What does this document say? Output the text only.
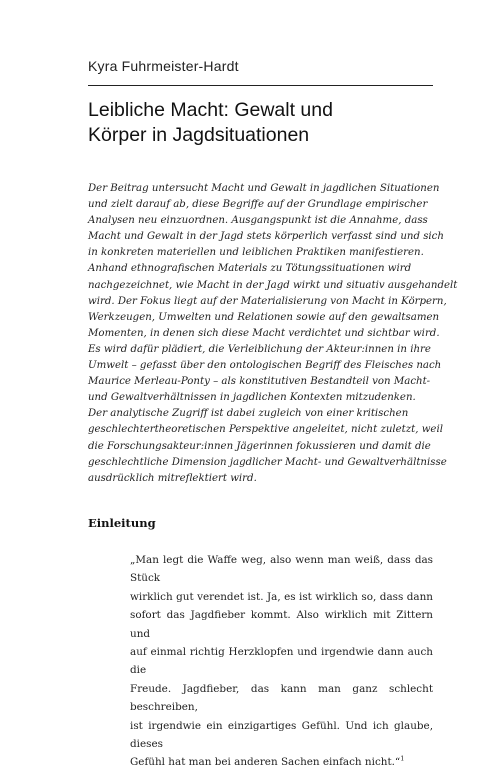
Kyra Fuhrmeister-Hardt
Leibliche Macht: Gewalt und
Körper in Jagdsituationen
Der Beitrag untersucht Macht und Gewalt in jagdlichen Situationen
und zielt darauf ab, diese Begriffe auf der Grundlage empirischer
Analysen neu einzuordnen. Ausgangspunkt ist die Annahme, dass
Macht und Gewalt in der Jagd stets körperlich verfasst sind und sich
in konkreten materiellen und leiblichen Praktiken manifestieren.
Anhand ethnografischen Materials zu Tötungssituationen wird
nachgezeichnet, wie Macht in der Jagd wirkt und situativ ausgehandelt
wird. Der Fokus liegt auf der Materialisierung von Macht in Körpern,
Werkzeugen, Umwelten und Relationen sowie auf den gewaltsamen
Momenten, in denen sich diese Macht verdichtet und sichtbar wird.
Es wird dafür plädiert, die Verleiblichung der Akteur:innen in ihre
Umwelt – gefasst über den ontologischen Begriff des Fleisches nach
Maurice Merleau-Ponty – als konstitutiven Bestandteil von Macht-
und Gewaltverhältnissen in jagdlichen Kontexten mitzudenken.
Der analytische Zugriff ist dabei zugleich von einer kritischen
geschlechtertheoretischen Perspektive angeleitet, nicht zuletzt, weil
die Forschungsakteur:innen Jägerinnen fokussieren und damit die
geschlechtliche Dimension jagdlicher Macht- und Gewaltverhältnisse
ausdrücklich mitreflektiert wird.
Einleitung
„Man legt die Waffe weg, also wenn man weiß, dass das Stück
wirklich gut verendet ist. Ja, es ist wirklich so, dass dann
sofort das Jagdfieber kommt. Also wirklich mit Zittern und
auf einmal richtig Herzklopfen und irgendwie dann auch die
Freude. Jagdfieber, das kann man ganz schlecht beschreiben,
ist irgendwie ein einzigartiges Gefühl. Und ich glaube, dieses
Gefühl hat man bei anderen Sachen einfach nicht.“$^1$
